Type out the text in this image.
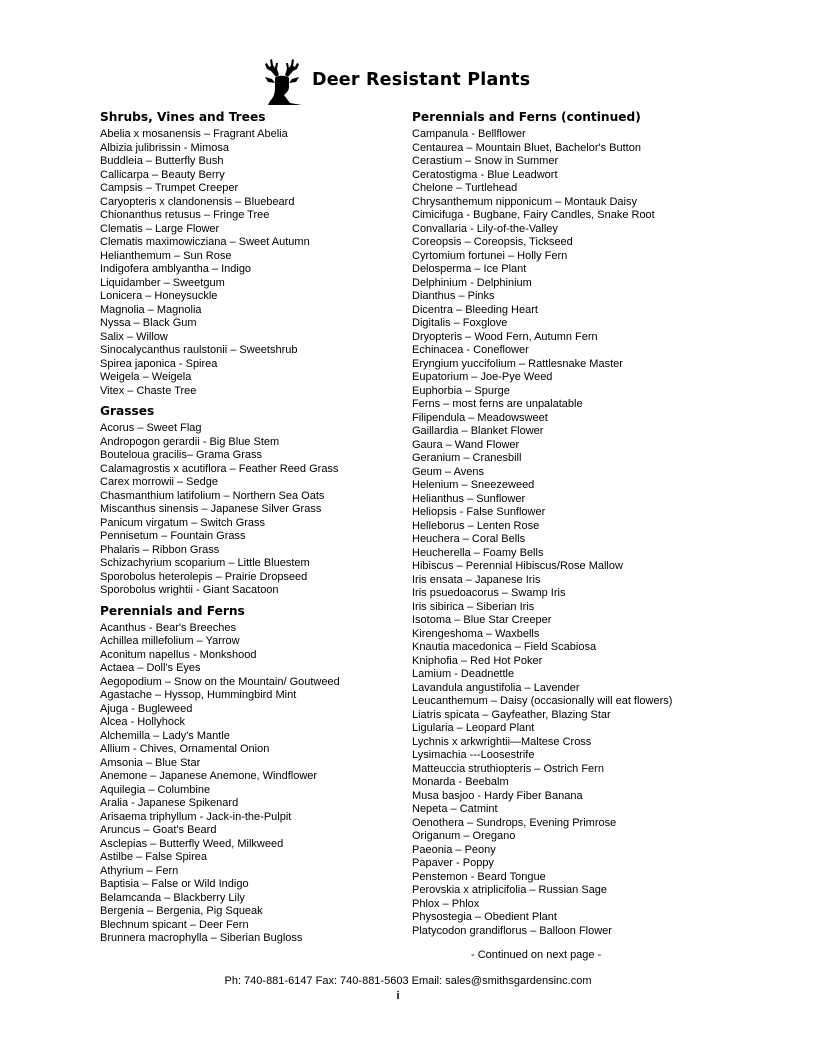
Deer Resistant Plants
Shrubs, Vines and Trees
Abelia x mosanensis – Fragrant Abelia
Albizia julibrissin - Mimosa
Buddleia – Butterfly Bush
Callicarpa – Beauty Berry
Campsis – Trumpet Creeper
Caryopteris x clandonensis – Bluebeard
Chionanthus retusus – Fringe Tree
Clematis – Large Flower
Clematis maximowicziana – Sweet Autumn
Helianthemum – Sun Rose
Indigofera amblyantha – Indigo
Liquidamber – Sweetgum
Lonicera – Honeysuckle
Magnolia – Magnolia
Nyssa – Black Gum
Salix – Willow
Sinocalycanthus raulstonii – Sweetshrub
Spirea japonica - Spirea
Weigela – Weigela
Vitex – Chaste Tree
Grasses
Acorus – Sweet Flag
Andropogon gerardii - Big Blue Stem
Bouteloua gracilis– Grama Grass
Calamagrostis x acutiflora – Feather Reed Grass
Carex morrowii – Sedge
Chasmanthium latifolium – Northern Sea Oats
Miscanthus sinensis – Japanese Silver Grass
Panicum virgatum – Switch Grass
Pennisetum – Fountain Grass
Phalaris – Ribbon Grass
Schizachyrium scoparium – Little Bluestem
Sporobolus heterolepis – Prairie Dropseed
Sporobolus wrightii - Giant Sacatoon
Perennials and Ferns
Acanthus - Bear's Breeches
Achillea millefolium – Yarrow
Aconitum napellus - Monkshood
Actaea – Doll's Eyes
Aegopodium – Snow on the Mountain/ Goutweed
Agastache – Hyssop, Hummingbird Mint
Ajuga - Bugleweed
Alcea - Hollyhock
Alchemilla – Lady's Mantle
Allium - Chives, Ornamental Onion
Amsonia – Blue Star
Anemone – Japanese Anemone, Windflower
Aquilegia – Columbine
Aralia - Japanese Spikenard
Arisaema triphyllum - Jack-in-the-Pulpit
Aruncus – Goat's Beard
Asclepias – Butterfly Weed, Milkweed
Astilbe – False Spirea
Athyrium – Fern
Baptisia – False or Wild Indigo
Belamcanda – Blackberry Lily
Bergenia – Bergenia, Pig Squeak
Blechnum spicant – Deer Fern
Brunnera macrophylla – Siberian Bugloss
Perennials and Ferns (continued)
Campanula - Bellflower
Centaurea – Mountain Bluet, Bachelor's Button
Cerastium – Snow in Summer
Ceratostigma - Blue Leadwort
Chelone – Turtlehead
Chrysanthemum nipponicum – Montauk Daisy
Cimicifuga - Bugbane, Fairy Candles, Snake Root
Convallaria - Lily-of-the-Valley
Coreopsis – Coreopsis, Tickseed
Cyrtomium fortunei – Holly Fern
Delosperma – Ice Plant
Delphinium - Delphinium
Dianthus – Pinks
Dicentra – Bleeding Heart
Digitalis – Foxglove
Dryopteris – Wood Fern, Autumn Fern
Echinacea - Coneflower
Eryngium yuccifolium – Rattlesnake Master
Eupatorium – Joe-Pye Weed
Euphorbia – Spurge
Ferns – most ferns are unpalatable
Filipendula – Meadowsweet
Gaillardia – Blanket Flower
Gaura – Wand Flower
Geranium – Cranesbill
Geum – Avens
Helenium – Sneezeweed
Helianthus – Sunflower
Heliopsis - False Sunflower
Helleborus – Lenten Rose
Heuchera – Coral Bells
Heucherella – Foamy Bells
Hibiscus – Perennial Hibiscus/Rose Mallow
Iris ensata – Japanese Iris
Iris psuedoacorus – Swamp Iris
Iris sibirica – Siberian Iris
Isotoma – Blue Star Creeper
Kirengeshoma – Waxbells
Knautia macedonica – Field Scabiosa
Kniphofia – Red Hot Poker
Lamium - Deadnettle
Lavandula angustifolia – Lavender
Leucanthemum – Daisy (occasionally will eat flowers)
Liatris spicata – Gayfeather, Blazing Star
Ligularia – Leopard Plant
Lychnis x arkwrightii—Maltese Cross
Lysimachia ---Loosestrife
Matteuccia struthiopteris – Ostrich Fern
Monarda - Beebalm
Musa basjoo - Hardy Fiber Banana
Nepeta – Catmint
Oenothera – Sundrops, Evening Primrose
Origanum – Oregano
Paeonia – Peony
Papaver - Poppy
Penstemon - Beard Tongue
Perovskia x atriplicifolia – Russian Sage
Phlox – Phlox
Physostegia – Obedient Plant
Platycodon grandiflorus – Balloon Flower
- Continued on next page -
Ph: 740-881-6147 Fax: 740-881-5603 Email: sales@smithsgardensinc.com
i
